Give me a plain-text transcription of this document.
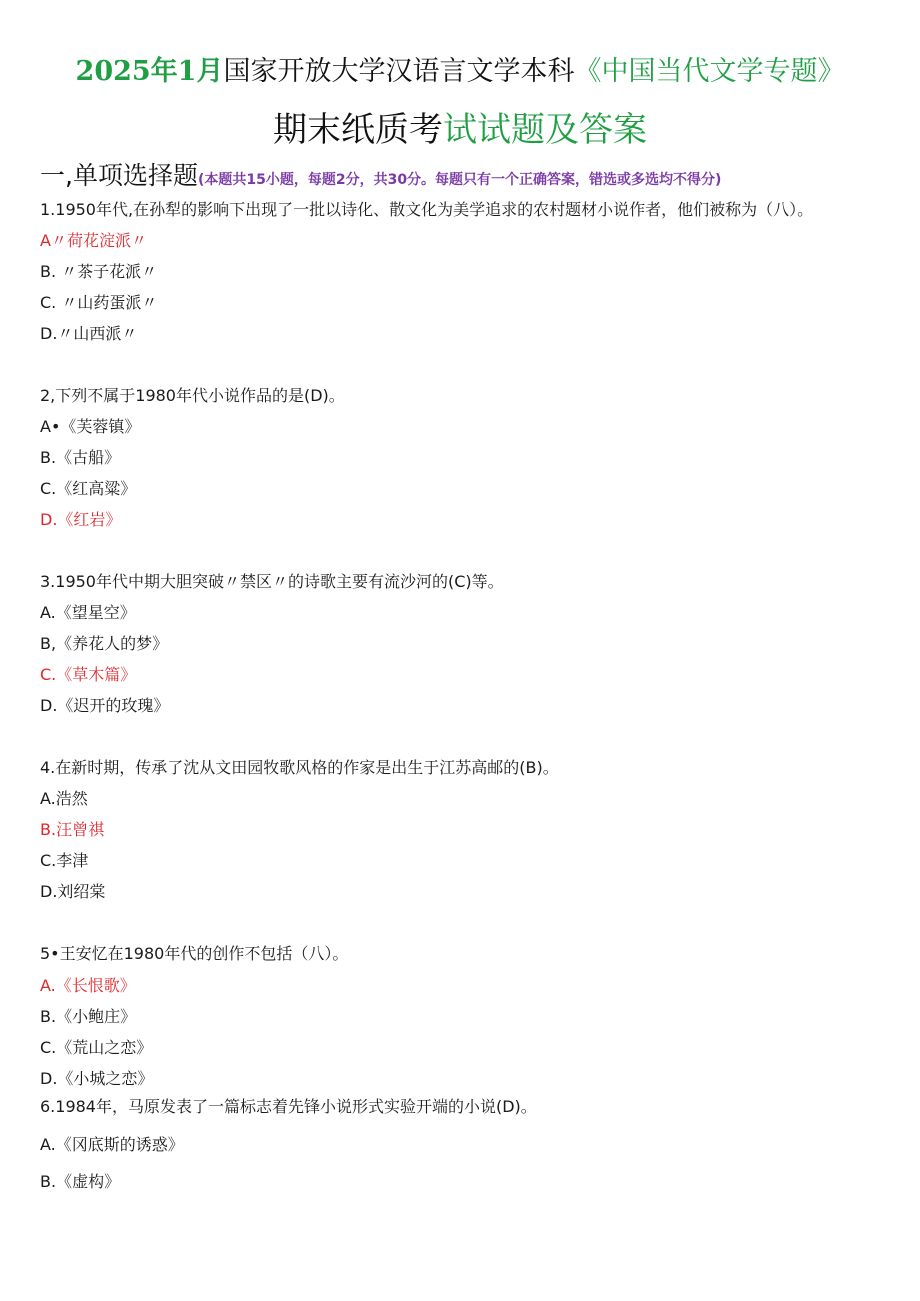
2025年1月国家开放大学汉语言文学本科《中国当代文学专题》
期末纸质考试试题及答案
一,单项选择题(本题共15小题，每题2分，共30分。每题只有一个正确答案，错选或多选均不得分)
1.1950年代,在孙犁的影响下出现了一批以诗化、散文化为美学追求的农村题材小说作者，他们被称为（八）。
A〃荷花淀派〃
B. 〃茶子花派〃
C. 〃山药蛋派〃
D.〃山西派〃
2,下列不属于1980年代小说作品的是(D)。
A•《芙蓉镇》
B.《古船》
C.《红高粱》
D.《红岩》
3.1950年代中期大胆突破〃禁区〃的诗歌主要有流沙河的(C)等。
A.《望星空》
B,《养花人的梦》
C.《草木篇》
D.《迟开的玫瑰》
4.在新时期，传承了沈从文田园牧歌风格的作家是出生于江苏高邮的(B)。
A.浩然
B.汪曾祺
C.李津
D.刘绍棠
5•王安忆在1980年代的创作不包括（八）。
A.《长恨歌》
B.《小鲍庄》
C.《荒山之恋》
D.《小城之恋》
6.1984年，马原发表了一篇标志着先锋小说形式实验开端的小说(D)。
A.《冈底斯的诱惑》
B.《虚构》
